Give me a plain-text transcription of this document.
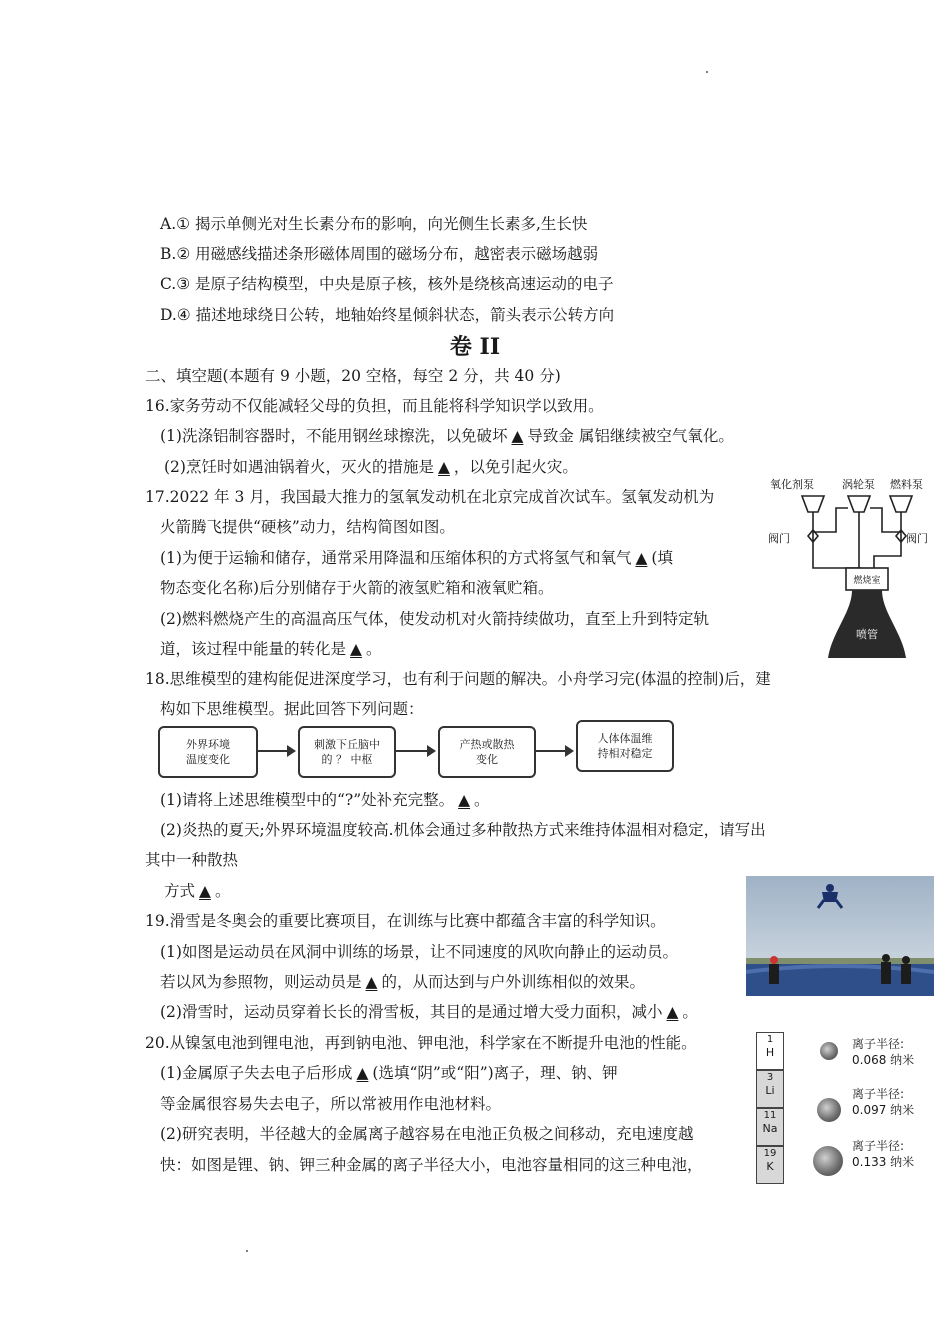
A.① 揭示单侧光对生长素分布的影响，向光侧生长素多,生长快
B.② 用磁感线描述条形磁体周围的磁场分布，越密表示磁场越弱
C.③ 是原子结构模型，中央是原子核，核外是绕核高速运动的电子
D.④ 描述地球绕日公转，地轴始终星倾斜状态，箭头表示公转方向
卷 II
二、填空题(本题有 9 小题，20 空格，每空 2 分，共 40 分)
16.家务劳动不仅能减轻父母的负担，而且能将科学知识学以致用。
(1)洗涤铝制容器时，不能用钢丝球擦洗，以免破坏 ▲ 导致金 属铝继续被空气氧化。
(2)烹饪时如遇油锅着火，灭火的措施是 ▲ ，以免引起火灾。
17.2022 年 3 月，我国最大推力的氢氧发动机在北京完成首次试车。氢氧发动机为
火箭腾飞提供“硬核”动力，结构简图如图。
(1)为便于运输和储存，通常采用降温和压缩体积的方式将氢气和氧气 ▲ (填
物态变化名称)后分别储存于火箭的液氢贮箱和液氧贮箱。
(2)燃料燃烧产生的高温高压气体，使发动机对火箭持续做功，直至上升到特定轨
道，该过程中能量的转化是 ▲ 。
氧化剂泵	涡轮泵 燃料泵
阀门	阀门
燃烧室
喷管
18.思维模型的建构能促进深度学习，也有利于问题的解决。小舟学习完(体温的控制)后，建
构如下思维模型。据此回答下列问题：
外界环境
温度变化
刺激下丘脑中
的 ？ 中枢
产热或散热
变化
人体体温维
持相对稳定
(1)请将上述思维模型中的“?”处补充完整。 ▲ 。
(2)炎热的夏天;外界环境温度较高.机体会通过多种散热方式来维持体温相对稳定，请写出
其中一种散热
方式 ▲ 。
19.滑雪是冬奥会的重要比赛项目，在训练与比赛中都蕴含丰富的科学知识。
(1)如图是运动员在风洞中训练的场景，让不同速度的风吹向静止的运动员。
若以风为参照物，则运动员是 ▲ 的，从而达到与户外训练相似的效果。
(2)滑雪时，运动员穿着长长的滑雪板，其目的是通过增大受力面积，减小 ▲ 。
20.从镍氢电池到锂电池，再到钠电池、钾电池，科学家在不断提升电池的性能。
(1)金属原子失去电子后形成 ▲ (选填“阴”或“阳”)离子，理、钠、钾
等金属很容易失去电子，所以常被用作电池材料。
(2)研究表明，半径越大的金属离子越容易在电池正负极之间移动，充电速度越
快：如图是锂、钠、钾三种金属的离子半径大小，电池容量相同的这三种电池，
1
H
3
Li
11
Na
19
K
离子半径:
0.068 纳米
离子半径:
0.097 纳米
离子半径:
0.133 纳米
